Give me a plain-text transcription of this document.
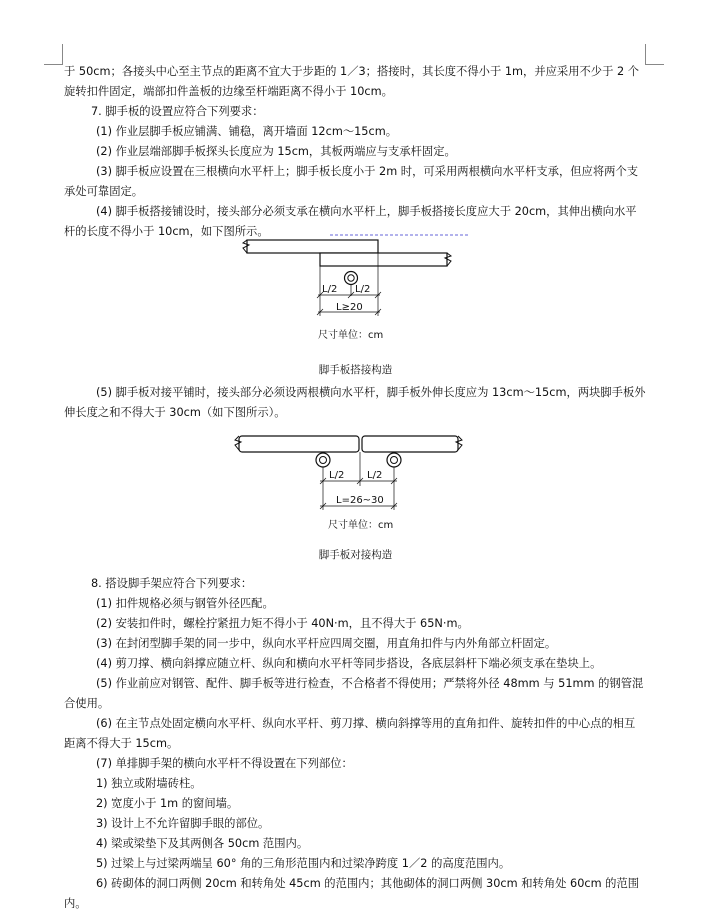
于 50cm；各接头中心至主节点的距离不宜大于步距的 1／3；搭接时，其长度不得小于 1m，并应采用不少于 2 个旋转扣件固定，端部扣件盖板的边缘至杆端距离不得小于 10cm。

7. 脚手板的设置应符合下列要求：

(1) 作业层脚手板应铺满、铺稳，离开墙面 12cm～15cm。

(2) 作业层端部脚手板探头长度应为 15cm，其板两端应与支承杆固定。

(3) 脚手板应设置在三根横向水平杆上；脚手板长度小于 2m 时，可采用两根横向水平杆支承，但应将两个支承处可靠固定。

(4) 脚手板搭接铺设时，接头部分必须支承在横向水平杆上，脚手板搭接长度应大于 20cm，其伸出横向水平杆的长度不得小于 10cm，如下图所示。

L/2 L/2
L≥20
尺寸单位：cm
脚手板搭接构造

(5) 脚手板对接平铺时，接头部分必须设两根横向水平杆，脚手板外伸长度应为 13cm～15cm，两块脚手板外伸长度之和不得大于 30cm（如下图所示）。

L/2 L/2
L=26~30
尺寸单位：cm
脚手板对接构造

8. 搭设脚手架应符合下列要求：

(1) 扣件规格必须与钢管外径匹配。

(2) 安装扣件时，螺栓拧紧扭力矩不得小于 40N·m，且不得大于 65N·m。

(3) 在封闭型脚手架的同一步中，纵向水平杆应四周交圈，用直角扣件与内外角部立杆固定。

(4) 剪刀撑、横向斜撑应随立杆、纵向和横向水平杆等同步搭设，各底层斜杆下端必须支承在垫块上。

(5) 作业前应对钢管、配件、脚手板等进行检查，不合格者不得使用；严禁将外径 48mm 与 51mm 的钢管混合使用。

(6) 在主节点处固定横向水平杆、纵向水平杆、剪刀撑、横向斜撑等用的直角扣件、旋转扣件的中心点的相互距离不得大于 15cm。

(7) 单排脚手架的横向水平杆不得设置在下列部位：

1) 独立或附墙砖柱。

2) 宽度小于 1m 的窗间墙。

3) 设计上不允许留脚手眼的部位。

4) 梁或梁垫下及其两侧各 50cm 范围内。

5) 过梁上与过梁两端呈 60° 角的三角形范围内和过梁净跨度 1／2 的高度范围内。

6) 砖砌体的洞口两侧 20cm 和转角处 45cm 的范围内；其他砌体的洞口两侧 30cm 和转角处 60cm 的范围内。
